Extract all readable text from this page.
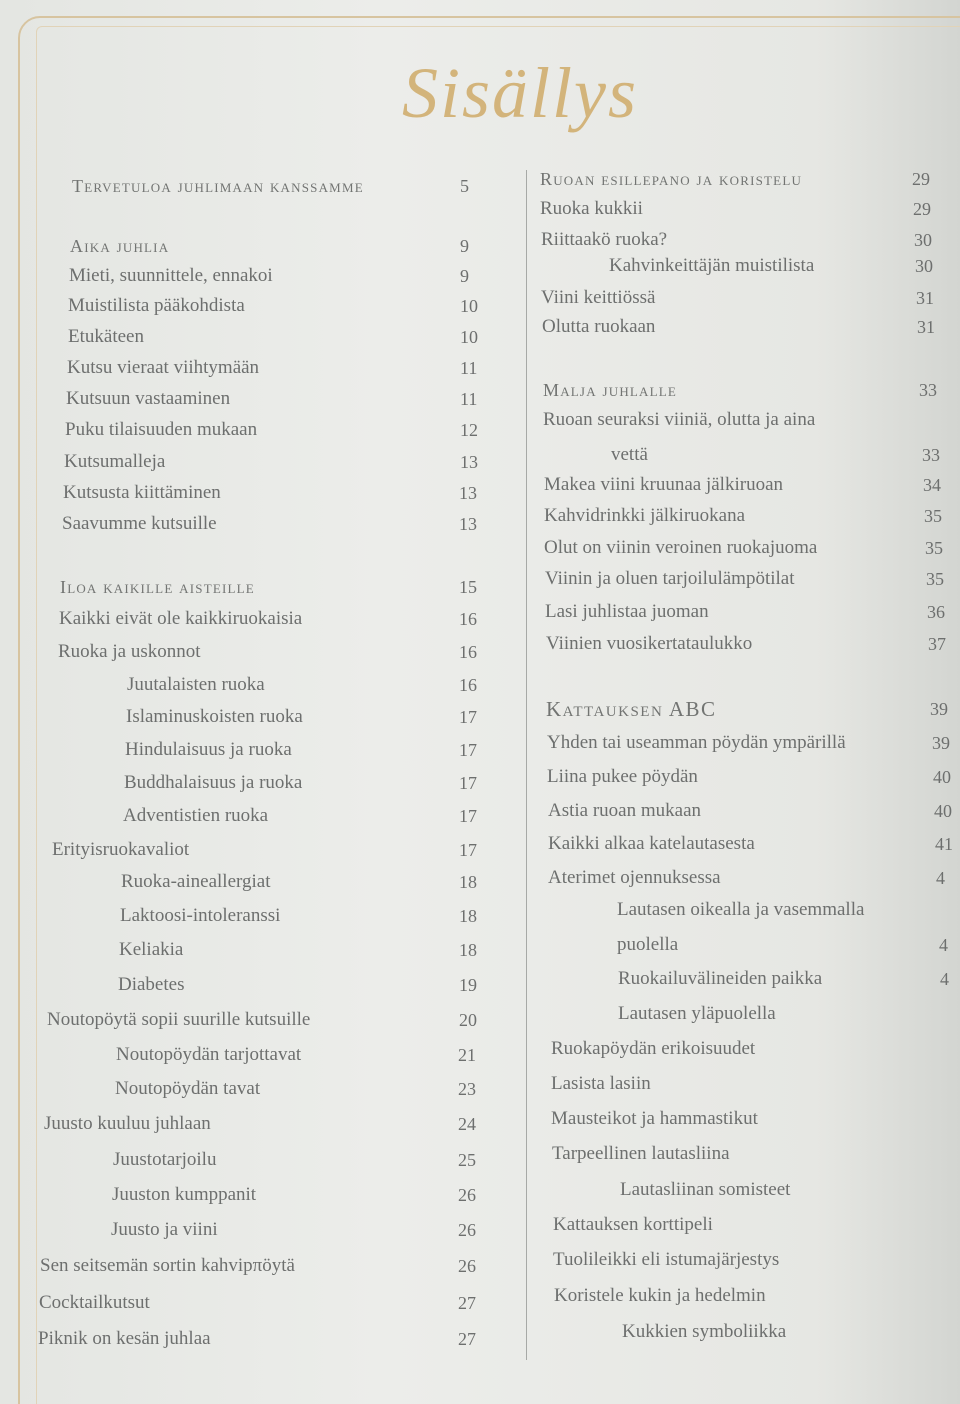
Sisällys
Tervetuloa juhlimaan kanssamme	5
Aika juhlia	9
Mieti, suunnittele, ennakoi	9
Muistilista pääkohdista	10
Etukäteen	10
Kutsu vieraat viihtymään	11
Kutsuun vastaaminen	11
Puku tilaisuuden mukaan	12
Kutsumalleja	13
Kutsusta kiittäminen	13
Saavumme kutsuille	13
Iloa kaikille aisteille	15
Kaikki eivät ole kaikkiruokaisia	16
Ruoka ja uskonnot	16
Juutalaisten ruoka	16
Islaminuskoisten ruoka	17
Hindulaisuus ja ruoka	17
Buddhalaisuus ja ruoka	17
Adventistien ruoka	17
Erityisruokavaliot	17
Ruoka-aineallergiat	18
Laktoosi-intoleranssi	18
Keliakia	18
Diabetes	19
Noutopöytä sopii suurille kutsuille	20
Noutopöydän tarjottavat	21
Noutopöydän tavat	23
Juusto kuuluu juhlaan	24
Juustotarjoilu	25
Juuston kumppanit	26
Juusto ja viini	26
Sen seitsemän sortin kahvipπöytä	26
Cocktailkutsut	27
Piknik on kesän juhlaa	27
Ruoan esillepano ja koristelu	29
Ruoka kukkii	29
Riittaakö ruoka?	30
Kahvinkeittäjän muistilista	30
Viini keittiössä	31
Olutta ruokaan	31
Malja juhlalle	33
Ruoan seuraksi viiniä, olutta ja aina
vettä	33
Makea viini kruunaa jälkiruoan	34
Kahvidrinkki jälkiruokana	35
Olut on viinin veroinen ruokajuoma	35
Viinin ja oluen tarjoilulämpötilat	35
Lasi juhlistaa juoman	36
Viinien vuosikertataulukko	37
Kattauksen ABC	39
Yhden tai useamman pöydän ympärillä	39
Liina pukee pöydän	40
Astia ruoan mukaan	40
Kaikki alkaa katelautasesta	41
Aterimet ojennuksessa	4
Lautasen oikealla ja vasemmalla
puolella	4
Ruokailuvälineiden paikka	4
Lautasen yläpuolella
Ruokapöydän erikoisuudet
Lasista lasiin
Mausteikot ja hammastikut
Tarpeellinen lautasliina
Lautasliinan somisteet
Kattauksen korttipeli
Tuolileikki eli istumajärjestys
Koristele kukin ja hedelmin
Kukkien symboliikka
